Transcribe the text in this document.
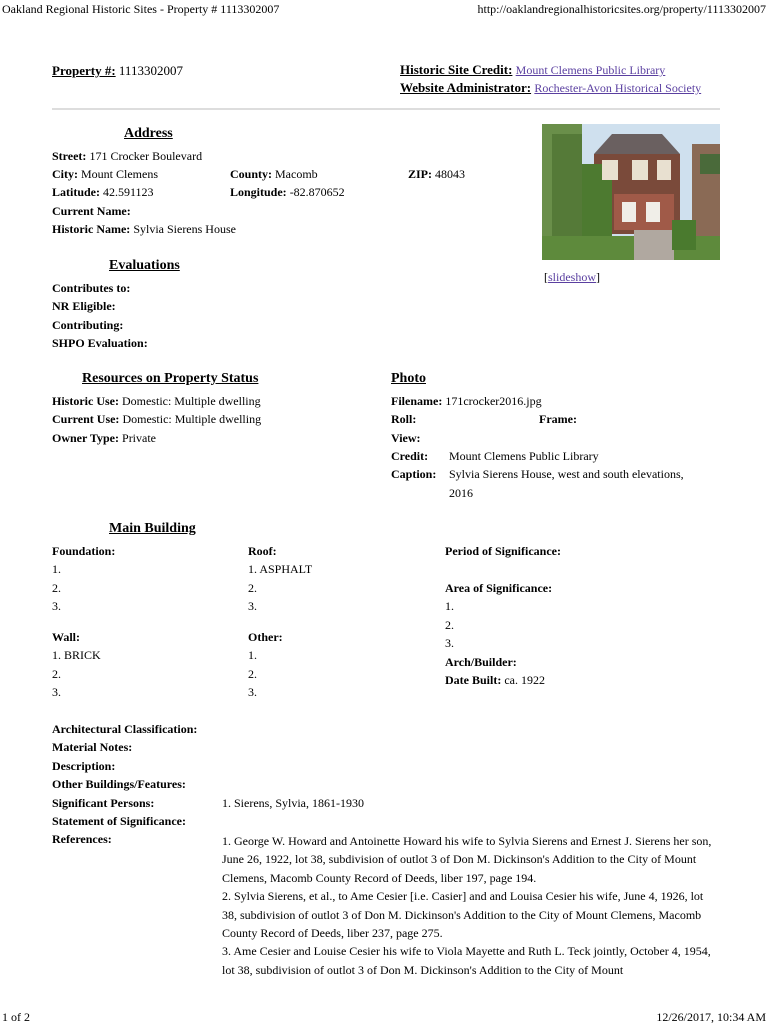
Oakland Regional Historic Sites - Property # 1113302007	http://oaklandregionalhistoricsites.org/property/1113302007
Property #: 1113302007	Historic Site Credit: Mount Clemens Public Library
Website Administrator: Rochester-Avon Historical Society
Address
Street: 171 Crocker Boulevard
City: Mount Clemens	County: Macomb	ZIP: 48043
Latitude: 42.591123	Longitude: -82.870652
Current Name:
Historic Name: Sylvia Sierens House
[slideshow]
Evaluations
Contributes to:
NR Eligible:
Contributing:
SHPO Evaluation:
Resources on Property Status
Historic Use: Domestic: Multiple dwelling
Current Use: Domestic: Multiple dwelling
Owner Type: Private
Photo
Filename: 171crocker2016.jpg
Roll:	Frame:
View:
Credit: Mount Clemens Public Library
Caption: Sylvia Sierens House, west and south elevations,
2016
Main Building
Foundation:
1.
2.
3.
Roof:
1. ASPHALT
2.
3.
Wall:
1. BRICK
2.
3.
Other:
1.
2.
3.
Period of Significance:
Area of Significance:
1.
2.
3.
Arch/Builder:
Date Built: ca. 1922
Architectural Classification:
Material Notes:
Description:
Other Buildings/Features:
Significant Persons:	1. Sierens, Sylvia, 1861-1930
Statement of Significance:
References:	1. George W. Howard and Antoinette Howard his wife to Sylvia Sierens and Ernest J. Sierens her son, June 26, 1922, lot 38, subdivision of outlot 3 of Don M. Dickinson's Addition to the City of Mount Clemens, Macomb County Record of Deeds, liber 197, page 194.
2. Sylvia Sierens, et al., to Ame Cesier [i.e. Casier] and and Louisa Cesier his wife, June 4, 1926, lot 38, subdivision of outlot 3 of Don M. Dickinson's Addition to the City of Mount Clemens, Macomb County Record of Deeds, liber 237, page 275.
3. Ame Cesier and Louise Cesier his wife to Viola Mayette and Ruth L. Teck jointly, October 4, 1954, lot 38, subdivision of outlot 3 of Don M. Dickinson's Addition to the City of Mount
1 of 2	12/26/2017, 10:34 AM
